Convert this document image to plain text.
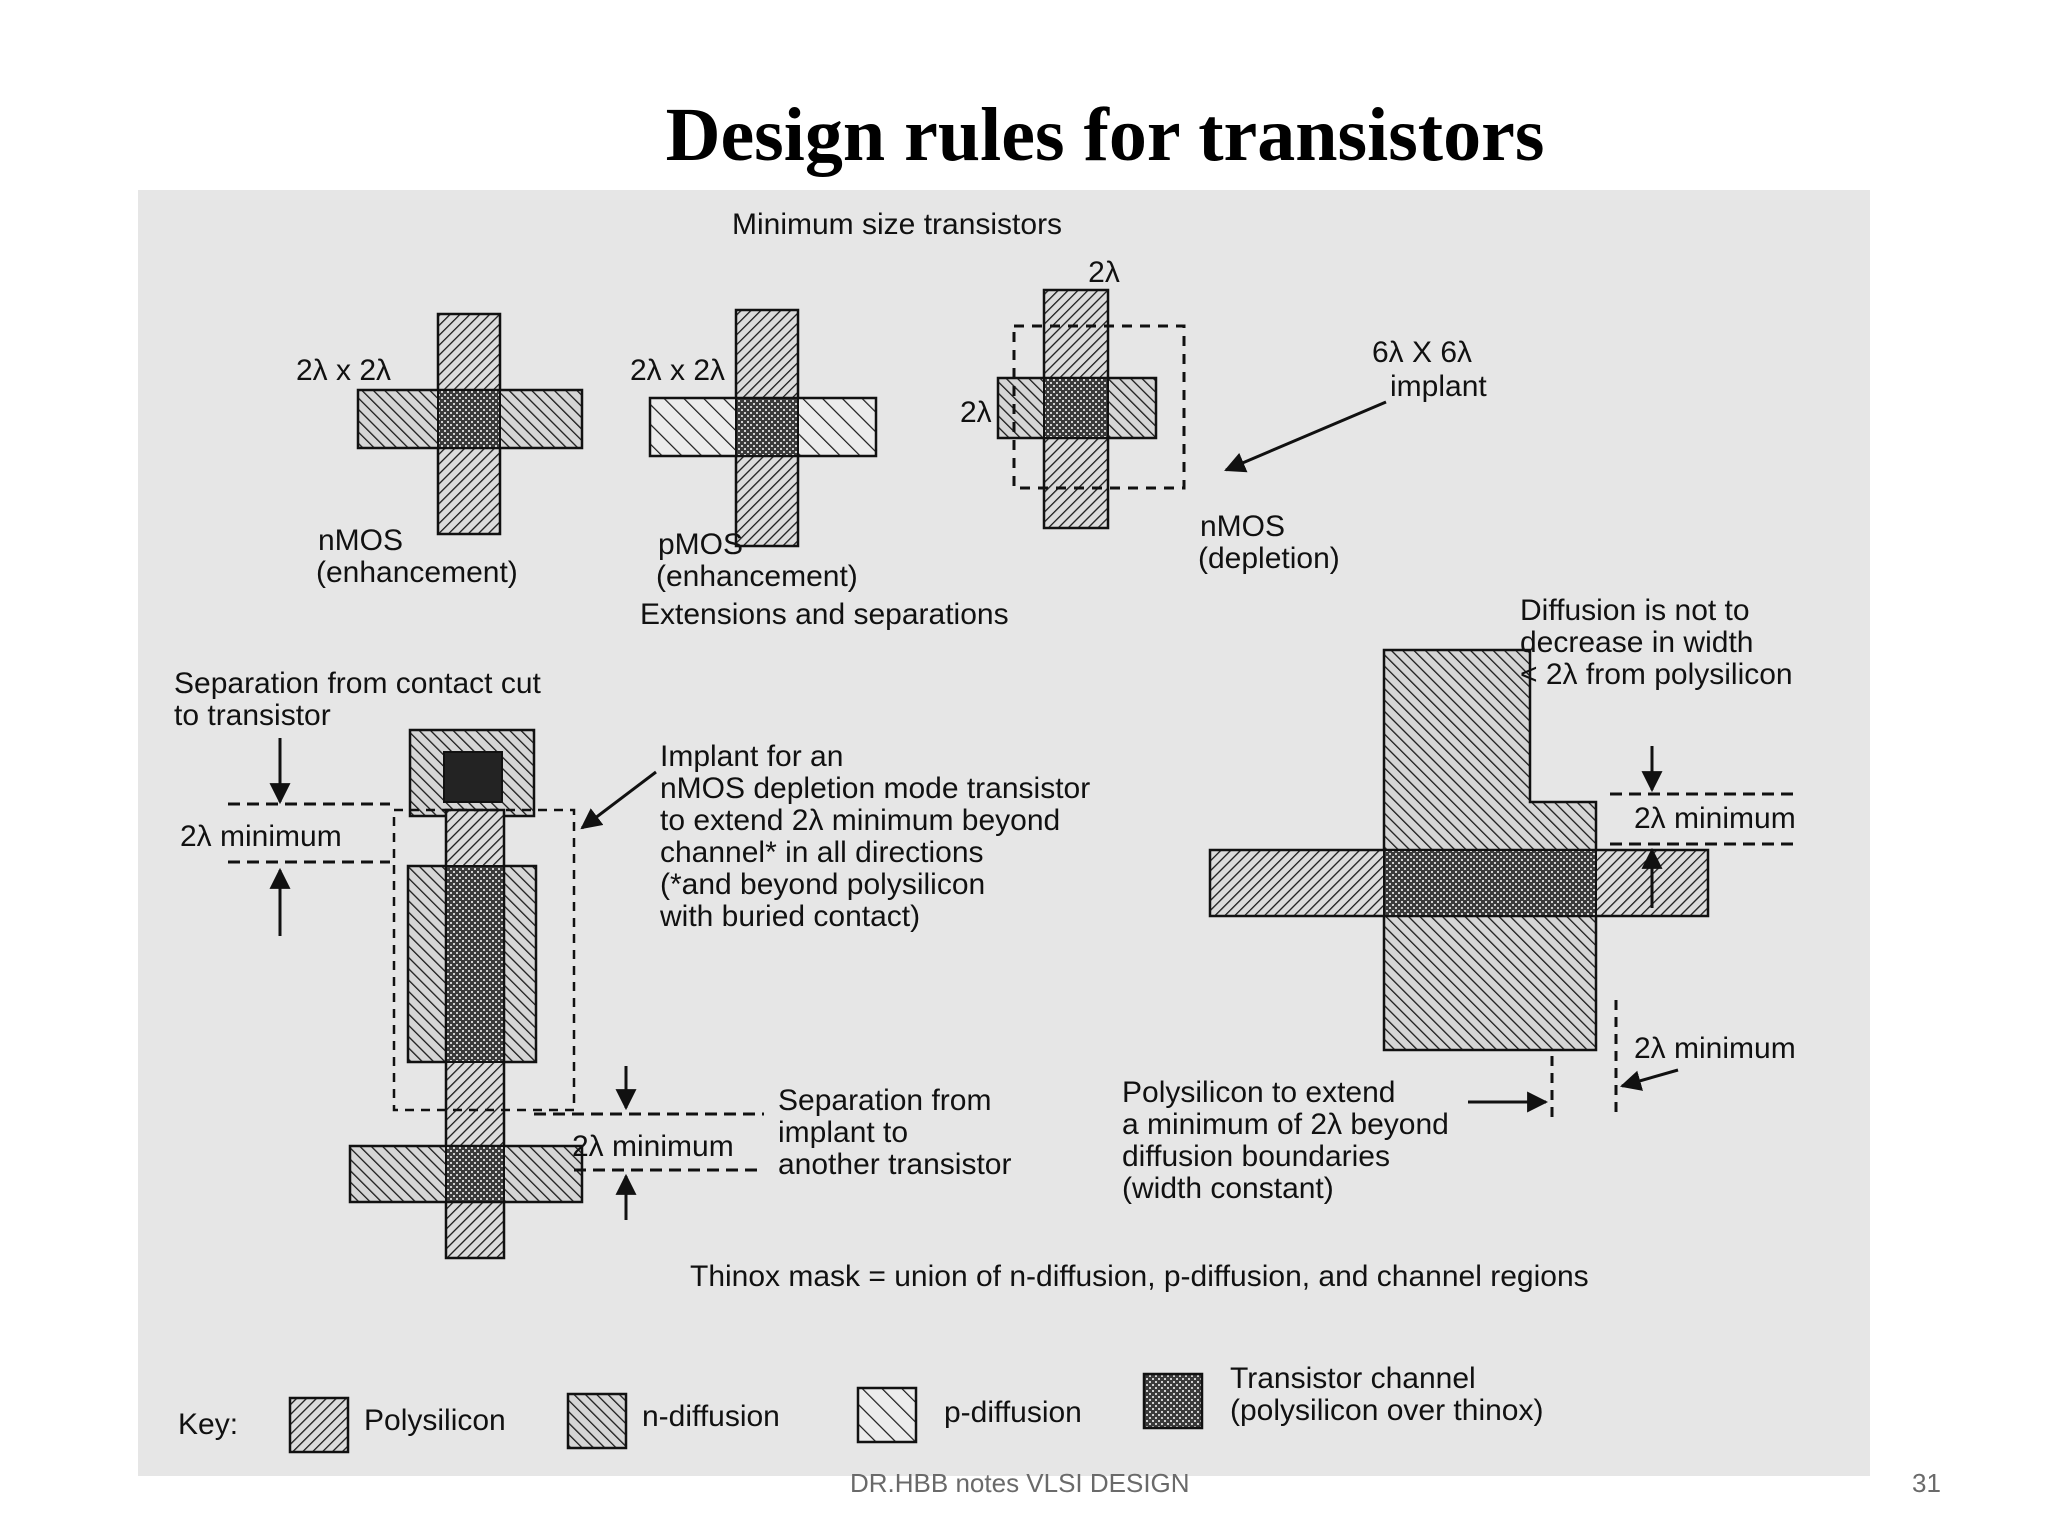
Design rules for transistors
2λ x 2λ
nMOS
(enhancement)
2λ x 2λ
pMOS
(enhancement)
2λ
2λ
6λ X 6λ
implant
nMOS
(depletion)
Minimum size transistors
Extensions and separations
Separation from contact cut
to transistor
2λ minimum
Implant for an
nMOS depletion mode transistor
to extend 2λ minimum beyond
channel* in all directions
(*and beyond polysilicon
with buried contact)
2λ minimum
Separation from
implant to
another transistor
Diffusion is not to
decrease in width
< 2λ from polysilicon
2λ minimum
2λ minimum
Polysilicon to extend
a minimum of 2λ beyond
diffusion boundaries
(width constant)
Thinox mask = union of n-diffusion, p-diffusion, and channel regions
Key:	Polysilicon	n-diffusion	p-diffusion
Transistor channel
(polysilicon over thinox)
DR.HBB notes VLSI DESIGN	31
